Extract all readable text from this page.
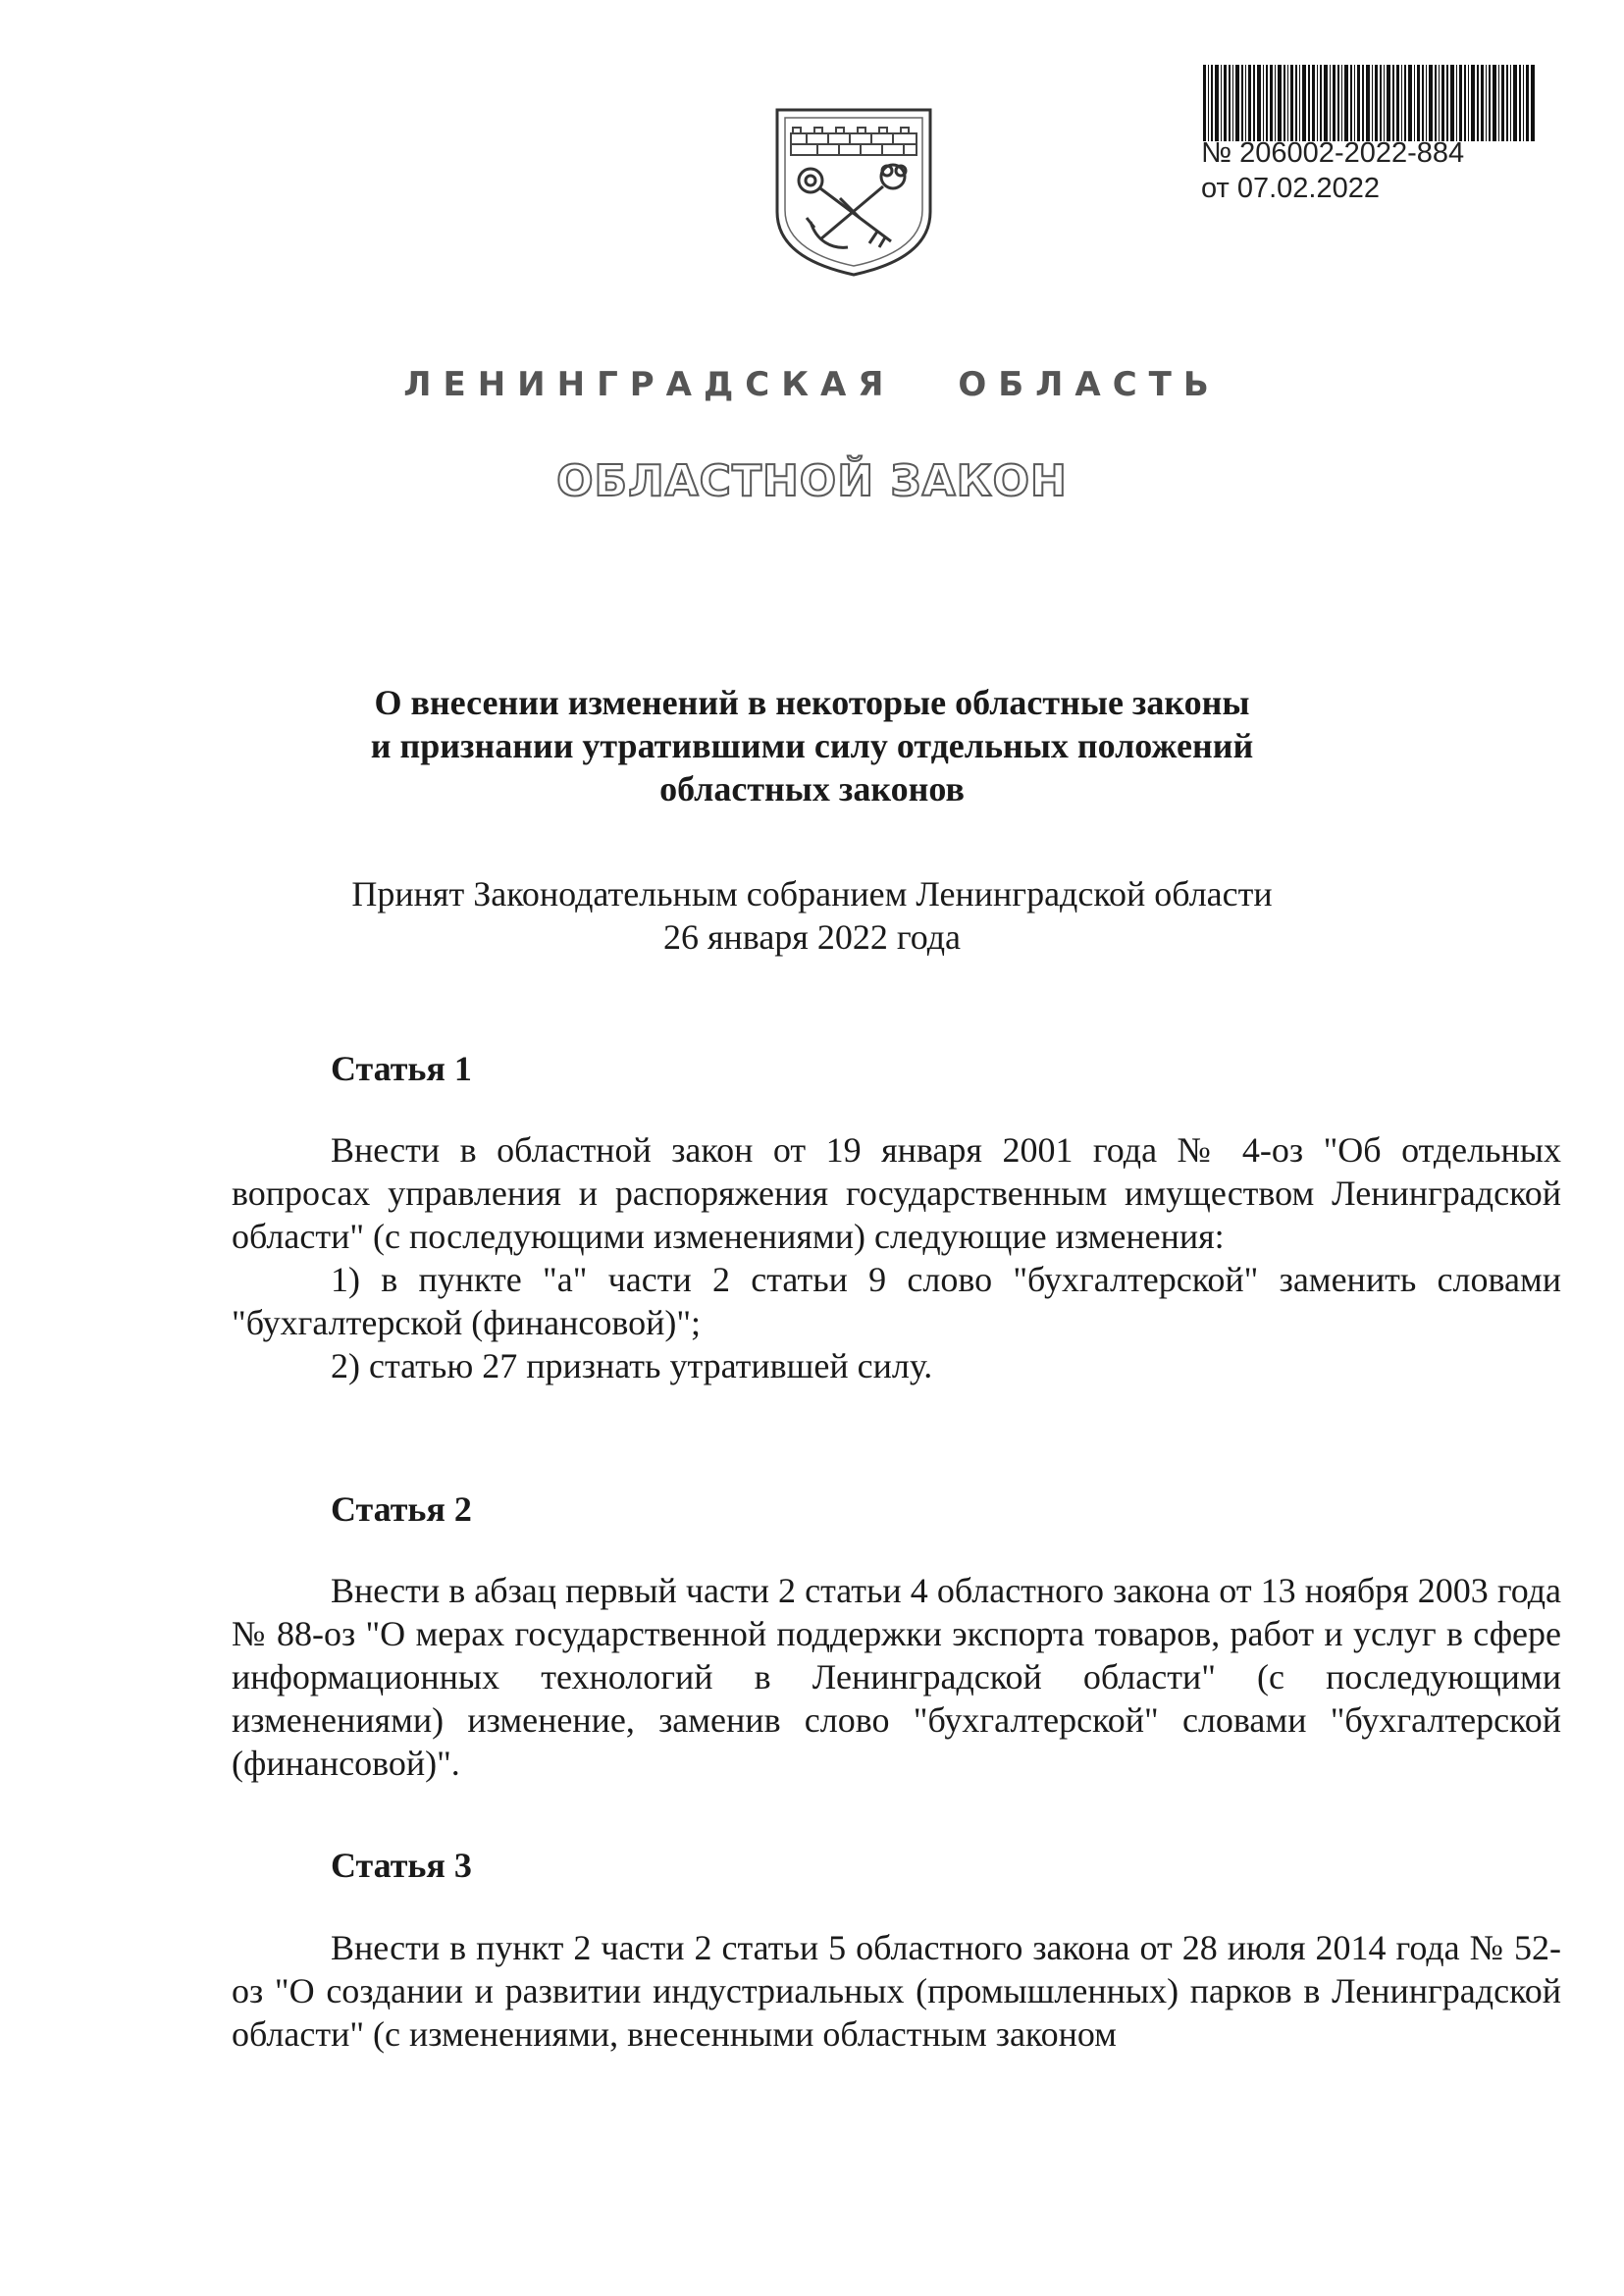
№ 206002-2022-884
от 07.02.2022
ЛЕНИНГРАДСКАЯ ОБЛАСТЬ
ОБЛАСТНОЙ ЗАКОН
О внесении изменений в некоторые областные законы
и признании утратившими силу отдельных положений
областных законов
Принят Законодательным собранием Ленинградской области
26 января 2022 года
Статья 1

Внести в областной закон от 19 января 2001 года № 4-оз "Об отдельных вопросах управления и распоряжения государственным имуществом Ленинградской области" (с последующими изменениями) следующие изменения:

1) в пункте "а" части 2 статьи 9 слово "бухгалтерской" заменить словами "бухгалтерской (финансовой)";

2) статью 27 признать утратившей силу.

Статья 2

Внести в абзац первый части 2 статьи 4 областного закона от 13 ноября 2003 года № 88-оз "О мерах государственной поддержки экспорта товаров, работ и услуг в сфере информационных технологий в Ленинградской области" (с последующими изменениями) изменение, заменив слово "бухгалтерской" словами "бухгалтерской (финансовой)".

Статья 3

Внести в пункт 2 части 2 статьи 5 областного закона от 28 июля 2014 года № 52-оз "О создании и развитии индустриальных (промышленных) парков в Ленинградской области" (с изменениями, внесенными областным законом
